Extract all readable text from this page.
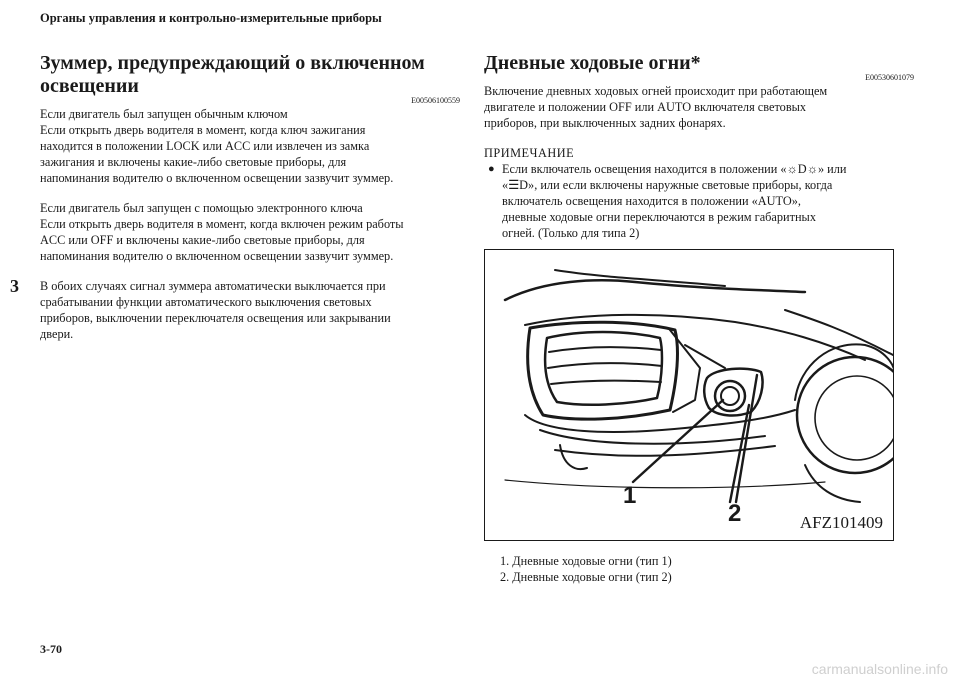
Органы управления и контрольно-измерительные приборы
3
Зуммер, предупреждающий о включенном освещении
E00506100559

Если двигатель был запущен обычным ключом
Если открыть дверь водителя в момент, когда ключ зажигания
находится в положении LOCK или ACC или извлечен из замка
зажигания и включены какие-либо световые приборы, для
напоминания водителю о включенном освещении зазвучит зуммер.

Если двигатель был запущен с помощью электронного ключа
Если открыть дверь водителя в момент, когда включен режим работы
ACC или OFF и включены какие-либо световые приборы, для
напоминания водителю о включенном освещении зазвучит зуммер.

В обоих случаях сигнал зуммера автоматически выключается при
срабатывании функции автоматического выключения световых
приборов, выключении переключателя освещения или закрывании
двери.

Дневные ходовые огни*
E00530601079

Включение дневных ходовых огней происходит при работающем
двигателе и положении OFF или AUTO включателя световых
приборов, при выключенных задних фонарях.

ПРИМЕЧАНИЕ
● Если включатель освещения находится в положении «☼D☼» или
«☰D», или если включены наружные световые приборы, когда
включатель освещения находится в положении «AUTO»,
дневные ходовые огни переключаются в режим габаритных
огней. (Только для типа 2)
1
2	AFZ101409
1. Дневные ходовые огни (тип 1)
2. Дневные ходовые огни (тип 2)
3-70
carmanualsonline.info
